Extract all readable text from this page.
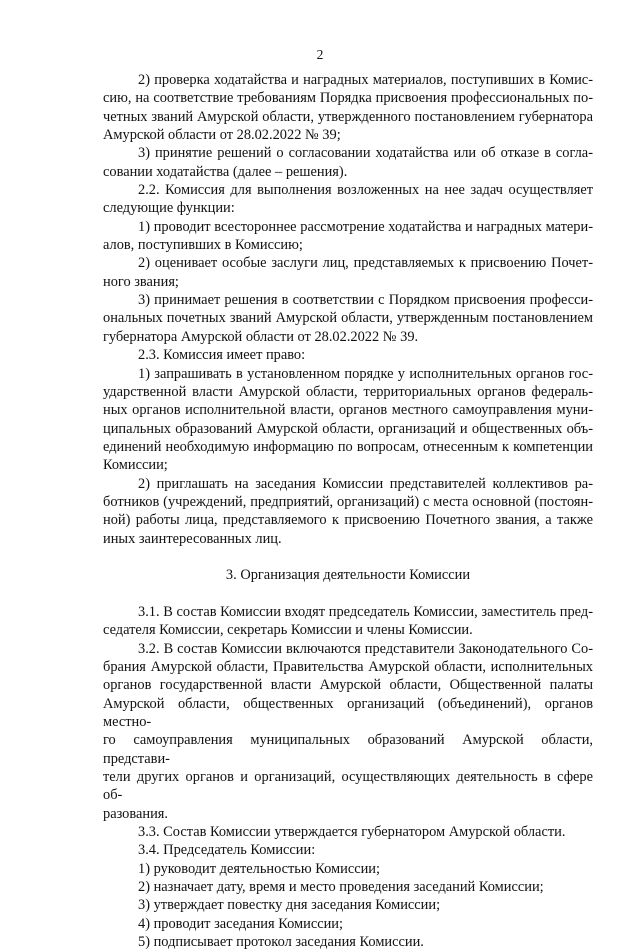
2
2) проверка ходатайства и наградных материалов, поступивших в Комис-
сию, на соответствие требованиям Порядка присвоения профессиональных по-
четных званий Амурской области, утвержденного постановлением губернатора
Амурской области от 28.02.2022 № 39;
3) принятие решений о согласовании ходатайства или об отказе в согла-
совании ходатайства (далее – решения).
2.2. Комиссия для выполнения возложенных на нее задач осуществляет
следующие функции:
1) проводит всестороннее рассмотрение ходатайства и наградных матери-
алов, поступивших в Комиссию;
2) оценивает особые заслуги лиц, представляемых к присвоению Почет-
ного звания;
3) принимает решения в соответствии с Порядком присвоения професси-
ональных почетных званий Амурской области, утвержденным постановлением
губернатора Амурской области от 28.02.2022 № 39.
2.3. Комиссия имеет право:
1) запрашивать в установленном порядке у исполнительных органов гос-
ударственной власти Амурской области, территориальных органов федераль-
ных органов исполнительной власти, органов местного самоуправления муни-
ципальных образований Амурской области, организаций и общественных объ-
единений необходимую информацию по вопросам, отнесенным к компетенции
Комиссии;
2) приглашать на заседания Комиссии представителей коллективов ра-
ботников (учреждений, предприятий, организаций) с места основной (постоян-
ной) работы лица, представляемого к присвоению Почетного звания, а также
иных заинтересованных лиц.
3. Организация деятельности Комиссии
3.1. В состав Комиссии входят председатель Комиссии, заместитель пред-
седателя Комиссии, секретарь Комиссии и члены Комиссии.
3.2. В состав Комиссии включаются представители Законодательного Со-
брания Амурской области, Правительства Амурской области, исполнительных
органов государственной власти Амурской области, Общественной палаты
Амурской области, общественных организаций (объединений), органов местно-
го самоуправления муниципальных образований Амурской области, представи-
тели других органов и организаций, осуществляющих деятельность в сфере об-
разования.
3.3. Состав Комиссии утверждается губернатором Амурской области.
3.4. Председатель Комиссии:
1) руководит деятельностью Комиссии;
2) назначает дату, время и место проведения заседаний Комиссии;
3) утверждает повестку дня заседания Комиссии;
4) проводит заседания Комиссии;
5) подписывает протокол заседания Комиссии.
